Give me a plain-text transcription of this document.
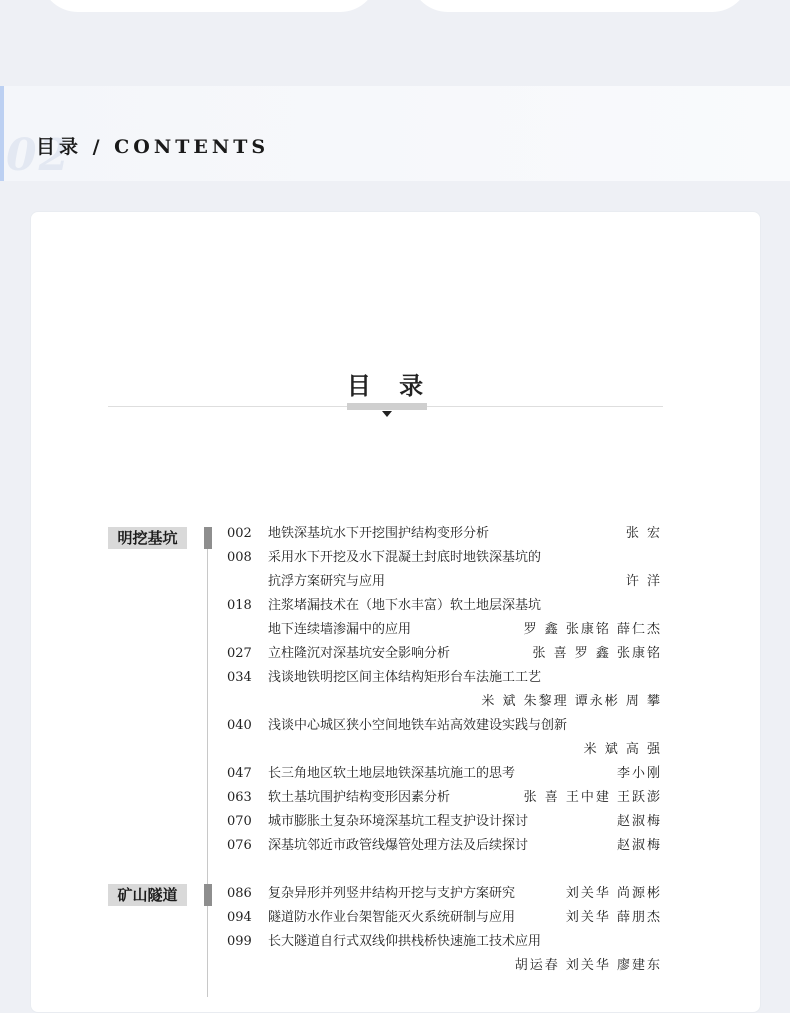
02
目录 / CONTENTS
目 录
明挖基坑
矿山隧道
002	地铁深基坑水下开挖围护结构变形分析	张 宏
008	采用水下开挖及水下混凝土封底时地铁深基坑的
抗浮方案研究与应用	许 洋
018	注浆堵漏技术在（地下水丰富）软土地层深基坑
地下连续墙渗漏中的应用	罗 鑫 张康铭 薛仁杰
027	立柱隆沉对深基坑安全影响分析	张 喜 罗 鑫 张康铭
034	浅谈地铁明挖区间主体结构矩形台车法施工工艺
米 斌 朱黎理 谭永彬 周 攀
040	浅谈中心城区狭小空间地铁车站高效建设实践与创新
米 斌 高 强
047	长三角地区软土地层地铁深基坑施工的思考	李小刚
063	软土基坑围护结构变形因素分析	张 喜 王中建 王跃澎
070	城市膨胀土复杂环境深基坑工程支护设计探讨	赵淑梅
076	深基坑邻近市政管线爆管处理方法及后续探讨	赵淑梅
086	复杂异形并列竖井结构开挖与支护方案研究	刘关华 尚源彬
094	隧道防水作业台架智能灭火系统研制与应用	刘关华 薛朋杰
099	长大隧道自行式双线仰拱栈桥快速施工技术应用
胡运春 刘关华 廖建东
